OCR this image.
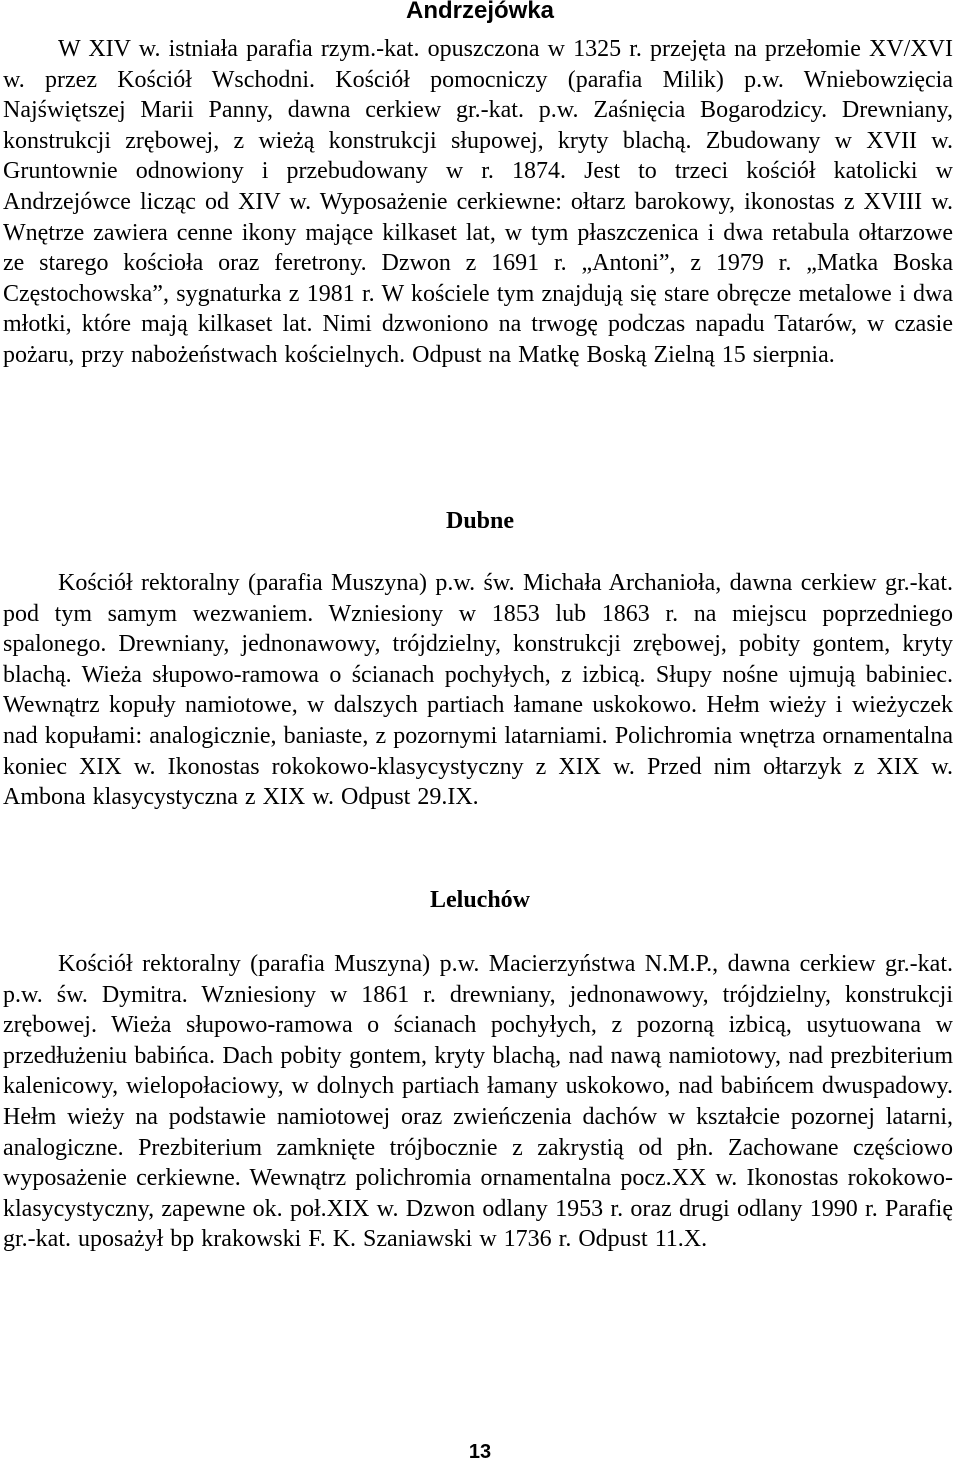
Andrzejówka

W XIV w. istniała parafia rzym.-kat. opuszczona w 1325 r. przejęta na przełomie XV/XVI w. przez Kościół Wschodni. Kościół pomocniczy (parafia Milik) p.w. Wniebowzięcia Najświętszej Marii Panny, dawna cerkiew gr.-kat. p.w. Zaśnięcia Bogarodzicy. Drewniany, konstrukcji zrębowej, z wieżą konstrukcji słupowej, kryty blachą. Zbudowany w XVII w. Gruntownie odnowiony i przebudowany w r. 1874. Jest to trzeci kościół katolicki w Andrzejówce licząc od XIV w. Wyposażenie cerkiewne: ołtarz barokowy, ikonostas z XVIII w. Wnętrze zawiera cenne ikony mające kilkaset lat, w tym płaszczenica i dwa retabula ołtarzowe ze starego kościoła oraz feretrony. Dzwon z 1691 r. „Antoni”, z 1979 r. „Matka Boska Częstochowska”, sygnaturka z 1981 r. W kościele tym znajdują się stare obręcze metalowe i dwa młotki, które mają kilkaset lat. Nimi dzwoniono na trwogę podczas napadu Tatarów, w czasie pożaru, przy nabożeństwach kościelnych. Odpust na Matkę Boską Zielną 15 sierpnia.

Dubne

Kościół rektoralny (parafia Muszyna) p.w. św. Michała Archanioła, dawna cerkiew gr.-kat. pod tym samym wezwaniem. Wzniesiony w 1853 lub 1863 r. na miejscu poprzedniego spalonego. Drewniany, jednonawowy, trójdzielny, konstrukcji zrębowej, pobity gontem, kryty blachą. Wieża słupowo-ramowa o ścianach pochyłych, z izbicą. Słupy nośne ujmują babiniec. Wewnątrz kopuły namiotowe, w dalszych partiach łamane uskokowo. Hełm wieży i wieżyczek nad kopułami: analogicznie, baniaste, z pozornymi latarniami. Polichromia wnętrza ornamentalna koniec XIX w. Ikonostas rokokowo-klasycystyczny z XIX w. Przed nim ołtarzyk z XIX w. Ambona klasycystyczna z XIX w. Odpust 29.IX.

Leluchów

Kościół rektoralny (parafia Muszyna) p.w. Macierzyństwa N.M.P., dawna cerkiew gr.-kat. p.w. św. Dymitra. Wzniesiony w 1861 r. drewniany, jednonawowy, trójdzielny, konstrukcji zrębowej. Wieża słupowo-ramowa o ścianach pochyłych, z pozorną izbicą, usytuowana w przedłużeniu babińca. Dach pobity gontem, kryty blachą, nad nawą namiotowy, nad prezbiterium kalenicowy, wielopołaciowy, w dolnych partiach łamany uskokowo, nad babińcem dwuspadowy. Hełm wieży na podstawie namiotowej oraz zwieńczenia dachów w kształcie pozornej latarni, analogiczne. Prezbiterium zamknięte trójbocznie z zakrystią od płn. Zachowane częściowo wyposażenie cerkiewne. Wewnątrz polichromia ornamentalna pocz.XX w. Ikonostas rokokowo-klasycystyczny, zapewne ok. poł.XIX w. Dzwon odlany 1953 r. oraz drugi odlany 1990 r. Parafię gr.-kat. uposażył bp krakowski F. K. Szaniawski w 1736 r. Odpust 11.X.

13
